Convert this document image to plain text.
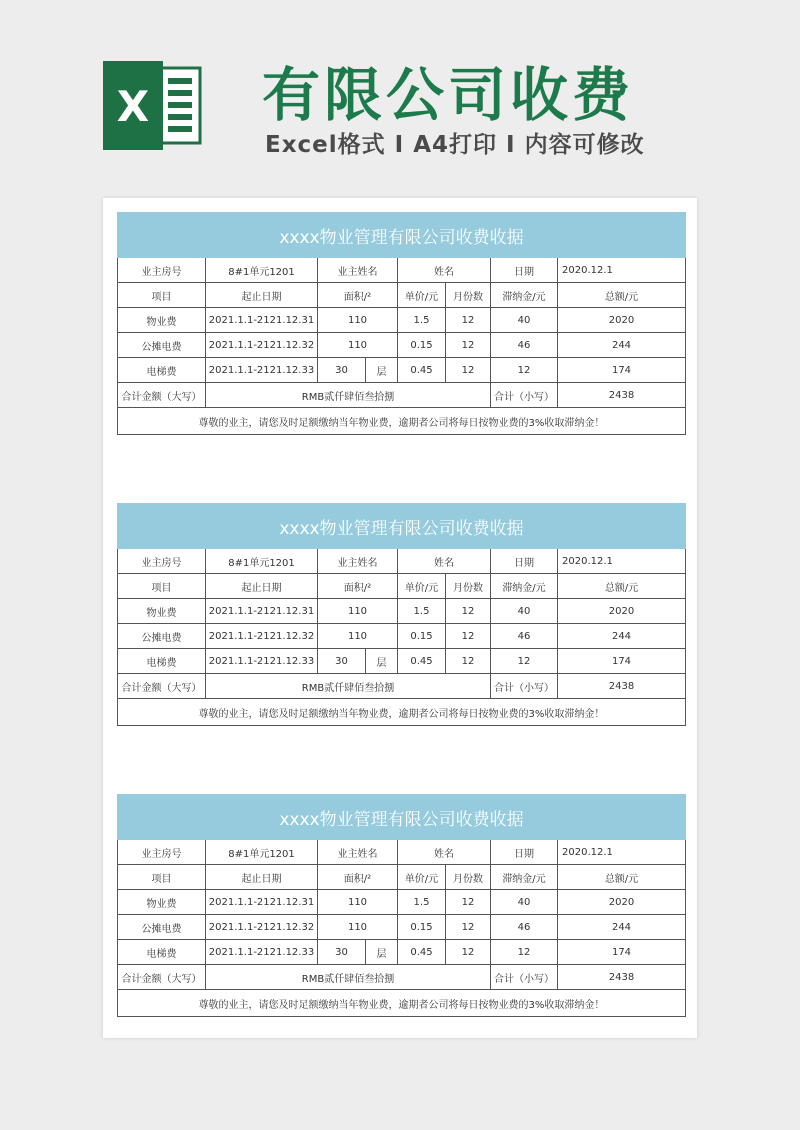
X 有限公司收费
Excel格式 I A4打印 I 内容可修改
xxxx物业管理有限公司收费收据							
业主房号	8#1单元1201	业主姓名		姓名		日期	2020.12.1
项目	起止日期	面积/²		单价/元	月份数	滞纳金/元	总额/元
物业费	2021.1.1-2121.12.31	110		1.5	12	40	2020
公摊电费	2021.1.1-2121.12.32	110		0.15	12	46	244
电梯费	2021.1.1-2121.12.33	30	层	0.45	12	12	174
合计金额（大写）	RMB贰仟肆佰叁拾捌					合计（小写）	2438
尊敬的业主，请您及时足额缴纳当年物业费，逾期者公司将每日按物业费的3%收取滞纳金！							
xxxx物业管理有限公司收费收据							
业主房号	8#1单元1201	业主姓名		姓名		日期	2020.12.1
项目	起止日期	面积/²		单价/元	月份数	滞纳金/元	总额/元
物业费	2021.1.1-2121.12.31	110		1.5	12	40	2020
公摊电费	2021.1.1-2121.12.32	110		0.15	12	46	244
电梯费	2021.1.1-2121.12.33	30	层	0.45	12	12	174
合计金额（大写）	RMB贰仟肆佰叁拾捌					合计（小写）	2438
尊敬的业主，请您及时足额缴纳当年物业费，逾期者公司将每日按物业费的3%收取滞纳金！							
xxxx物业管理有限公司收费收据							
业主房号	8#1单元1201	业主姓名		姓名		日期	2020.12.1
项目	起止日期	面积/²		单价/元	月份数	滞纳金/元	总额/元
物业费	2021.1.1-2121.12.31	110		1.5	12	40	2020
公摊电费	2021.1.1-2121.12.32	110		0.15	12	46	244
电梯费	2021.1.1-2121.12.33	30	层	0.45	12	12	174
合计金额（大写）	RMB贰仟肆佰叁拾捌					合计（小写）	2438
尊敬的业主，请您及时足额缴纳当年物业费，逾期者公司将每日按物业费的3%收取滞纳金！							
